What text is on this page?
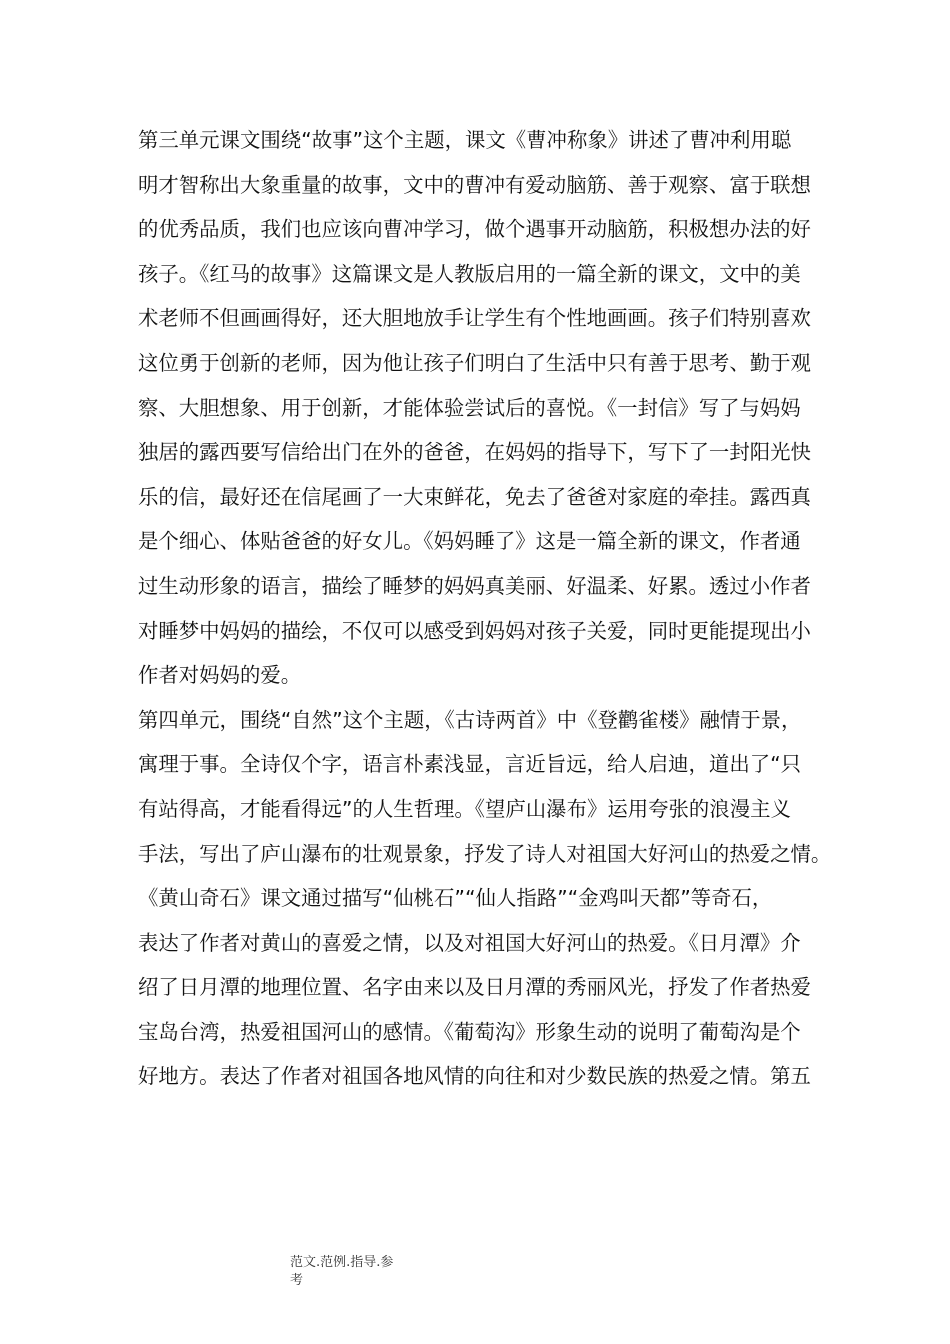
第三单元课文围绕“故事”这个主题，课文《曹冲称象》讲述了曹冲利用聪
明才智称出大象重量的故事，文中的曹冲有爱动脑筋、善于观察、富于联想
的优秀品质，我们也应该向曹冲学习，做个遇事开动脑筋，积极想办法的好
孩子。《红马的故事》这篇课文是人教版启用的一篇全新的课文，文中的美
术老师不但画画得好，还大胆地放手让学生有个性地画画。孩子们特别喜欢
这位勇于创新的老师，因为他让孩子们明白了生活中只有善于思考、勤于观
察、大胆想象、用于创新，才能体验尝试后的喜悦。《一封信》写了与妈妈
独居的露西要写信给出门在外的爸爸，在妈妈的指导下，写下了一封阳光快
乐的信，最好还在信尾画了一大束鲜花，免去了爸爸对家庭的牵挂。露西真
是个细心、体贴爸爸的好女儿。《妈妈睡了》这是一篇全新的课文，作者通
过生动形象的语言，描绘了睡梦的妈妈真美丽、好温柔、好累。透过小作者
对睡梦中妈妈的描绘，不仅可以感受到妈妈对孩子关爱，同时更能提现出小
作者对妈妈的爱。
第四单元，围绕“自然”这个主题，《古诗两首》中《登鹳雀楼》融情于景，
寓理于事。全诗仅个字，语言朴素浅显，言近旨远，给人启迪，道出了“只
有站得高，才能看得远”的人生哲理。《望庐山瀑布》运用夸张的浪漫主义
手法，写出了庐山瀑布的壮观景象，抒发了诗人对祖国大好河山的热爱之情。
《黄山奇石》课文通过描写“仙桃石”“仙人指路”“金鸡叫天都”等奇石，
表达了作者对黄山的喜爱之情，以及对祖国大好河山的热爱。《日月潭》介
绍了日月潭的地理位置、名字由来以及日月潭的秀丽风光，抒发了作者热爱
宝岛台湾，热爱祖国河山的感情。《葡萄沟》形象生动的说明了葡萄沟是个
好地方。表达了作者对祖国各地风情的向往和对少数民族的热爱之情。第五
范文.范例.指导.参
考
